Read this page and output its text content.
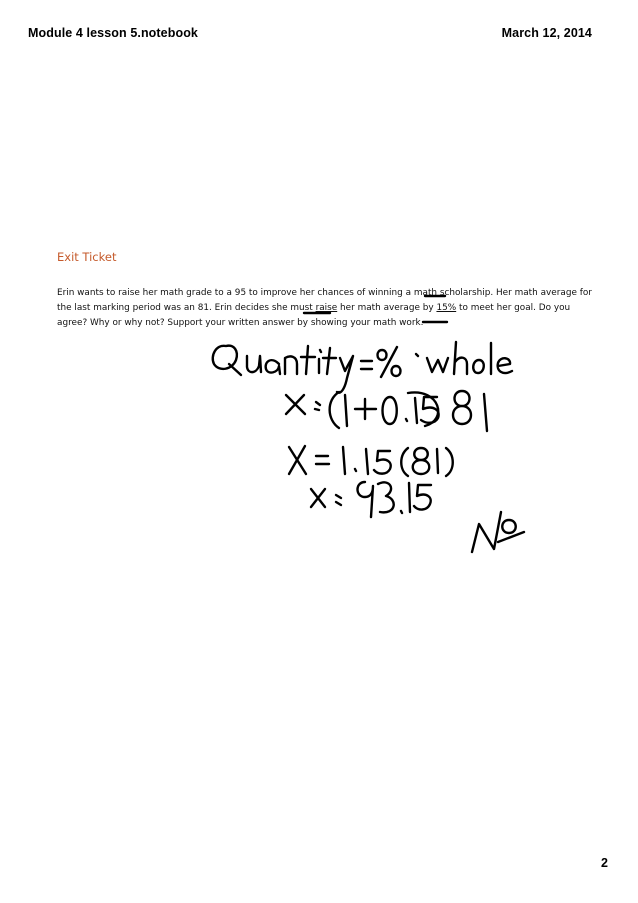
Module 4 lesson 5.notebook	March 12, 2014
Exit Ticket
Erin wants to raise her math grade to a 95 to improve her chances of winning a math scholarship. Her math average for the last marking period was an 81. Erin decides she must raise her math average by 15% to meet her goal. Do you agree? Why or why not? Support your written answer by showing your math work.
2
